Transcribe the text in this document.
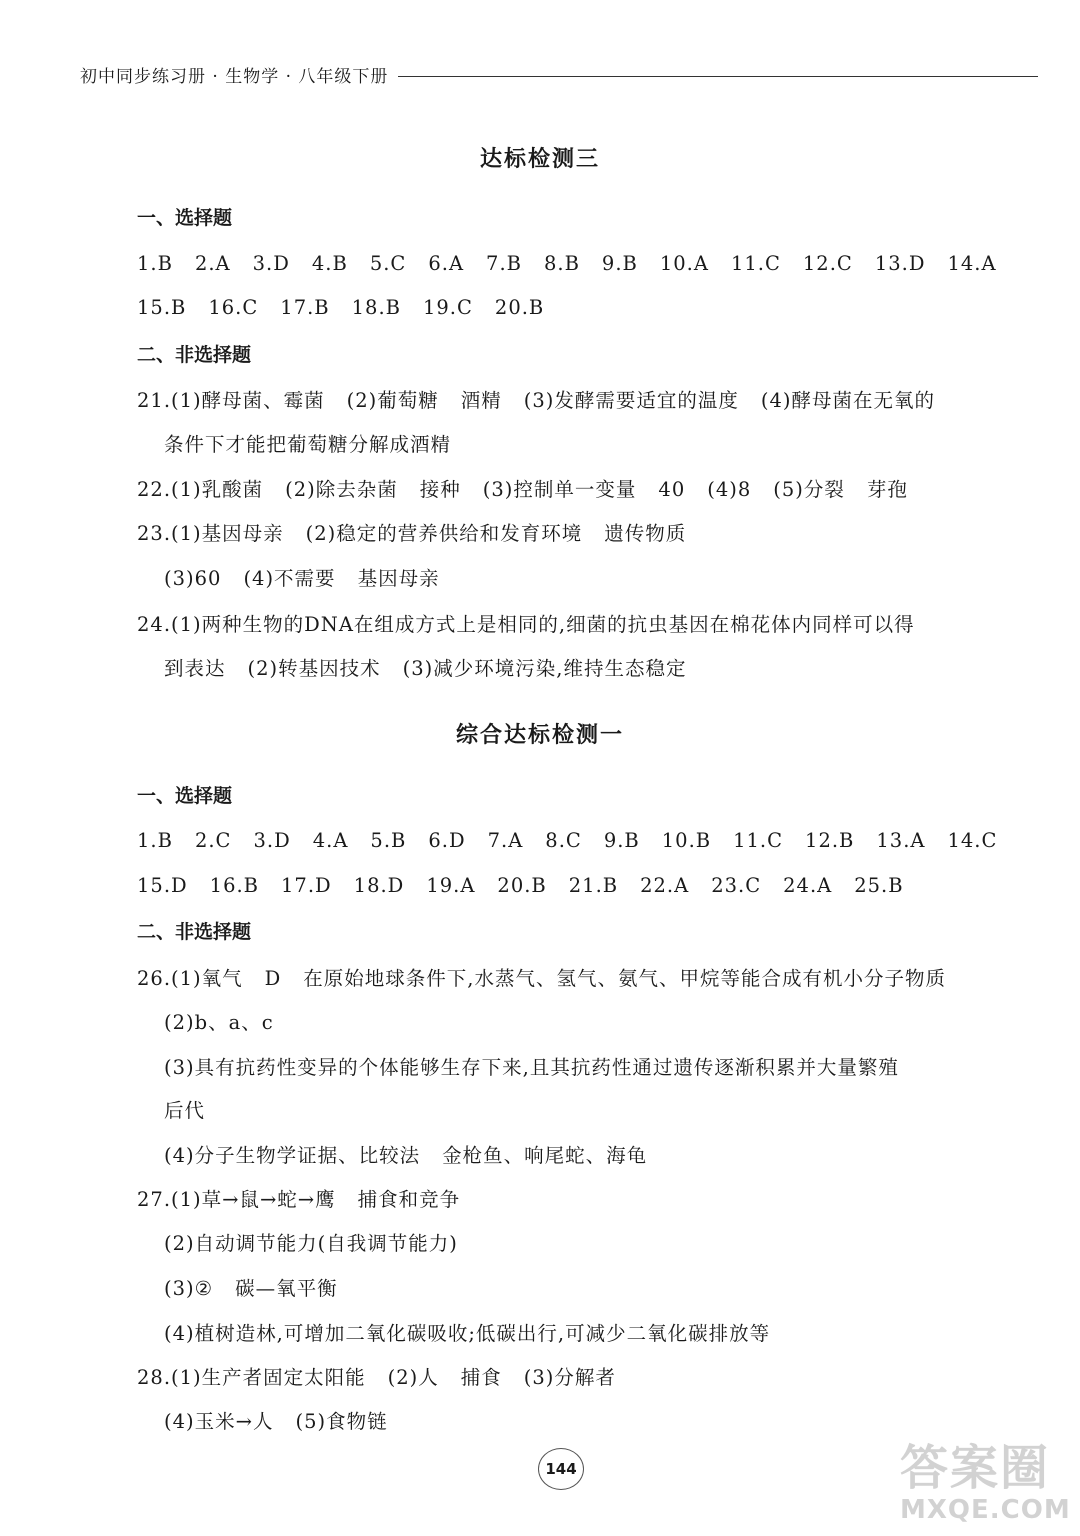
初中同步练习册 · 生物学 · 八年级下册
达标检测三
一、选择题
1.B 2.A 3.D 4.B 5.C 6.A 7.B 8.B 9.B 10.A 11.C 12.C 13.D 14.A
15.B 16.C 17.B 18.B 19.C 20.B
二、非选择题
21.(1)酵母菌、霉菌 (2)葡萄糖 酒精 (3)发酵需要适宜的温度 (4)酵母菌在无氧的
条件下才能把葡萄糖分解成酒精
22.(1)乳酸菌 (2)除去杂菌 接种 (3)控制单一变量 40 (4)8 (5)分裂 芽孢
23.(1)基因母亲 (2)稳定的营养供给和发育环境 遗传物质
(3)60 (4)不需要 基因母亲
24.(1)两种生物的DNA在组成方式上是相同的,细菌的抗虫基因在棉花体内同样可以得
到表达 (2)转基因技术 (3)减少环境污染,维持生态稳定
综合达标检测一
一、选择题
1.B 2.C 3.D 4.A 5.B 6.D 7.A 8.C 9.B 10.B 11.C 12.B 13.A 14.C
15.D 16.B 17.D 18.D 19.A 20.B 21.B 22.A 23.C 24.A 25.B
二、非选择题
26.(1)氧气 D 在原始地球条件下,水蒸气、氢气、氨气、甲烷等能合成有机小分子物质
(2)b、a、c
(3)具有抗药性变异的个体能够生存下来,且其抗药性通过遗传逐渐积累并大量繁殖
后代
(4)分子生物学证据、比较法 金枪鱼、响尾蛇、海龟
27.(1)草→鼠→蛇→鹰 捕食和竞争
(2)自动调节能力(自我调节能力)
(3)② 碳—氧平衡
(4)植树造林,可增加二氧化碳吸收;低碳出行,可减少二氧化碳排放等
28.(1)生产者固定太阳能 (2)人 捕食 (3)分解者
(4)玉米→人 (5)食物链
144	答案圈
MXQE.COM
